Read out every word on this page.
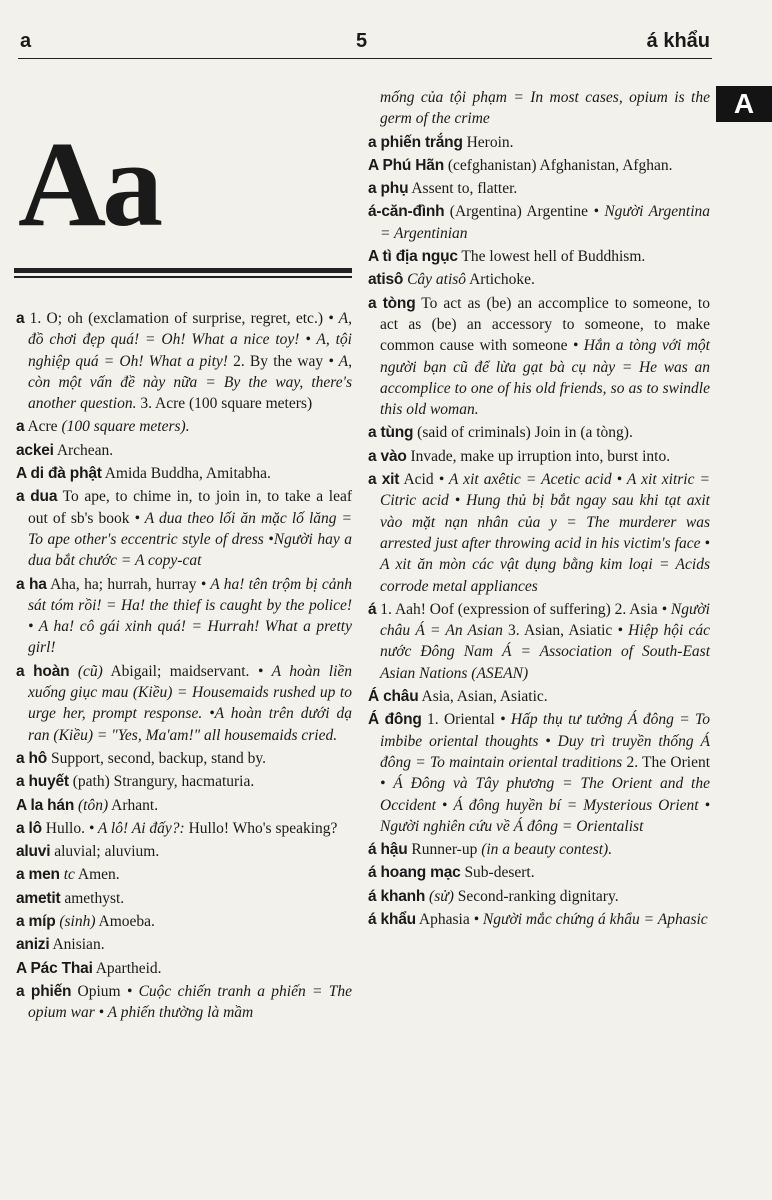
a	5	á khẩu
A
Aa

a 1. O; oh (exclamation of surprise, regret, etc.) • A, đồ chơi đẹp quá! = Oh! What a nice toy! • A, tội nghiệp quá = Oh! What a pity! 2. By the way • A, còn một vấn đề này nữa = By the way, there's another question. 3. Acre (100 square meters)

a Acre (100 square meters).

ackei Archean.

A di đà phật Amida Buddha, Amitabha.

a dua To ape, to chime in, to join in, to take a leaf out of sb's book • A dua theo lối ăn mặc lố lăng = To ape other's eccentric style of dress •Người hay a dua bắt chước = A copy-cat

a ha Aha, ha; hurrah, hurray • A ha! tên trộm bị cảnh sát tóm rồi! = Ha! the thief is caught by the police! • A ha! cô gái xinh quá! = Hurrah! What a pretty girl!

a hoàn (cũ) Abigail; maidservant. • A hoàn liền xuống giục mau (Kiều) = Housemaids rushed up to urge her, prompt response. •A hoàn trên dưới dạ ran (Kiều) = "Yes, Ma'am!" all housemaids cried.

a hô Support, second, backup, stand by.

a huyết (path) Strangury, hacmaturia.

A la hán (tôn) Arhant.

a lô Hullo. • A lô! Ai đấy?: Hullo! Who's speaking?

aluvi aluvial; aluvium.

a men tc Amen.

ametit amethyst.

a míp (sinh) Amoeba.

anizi Anisian.

A Pác Thai Apartheid.

a phiến Opium • Cuộc chiến tranh a phiến = The opium war • A phiến thường là mầm

mống của tội phạm = In most cases, opium is the germ of the crime

a phiến trắng Heroin.

A Phú Hãn (cefghanistan) Afghanistan, Afghan.

a phụ Assent to, flatter.

á-căn-đình (Argentina) Argentine • Người Argentina = Argentinian

A tì địa ngục The lowest hell of Buddhism.

atisô Cây atisô Artichoke.

a tòng To act as (be) an accomplice to someone, to act as (be) an accessory to someone, to make common cause with someone • Hắn a tòng với một người bạn cũ để lừa gạt bà cụ này = He was an accomplice to one of his old friends, so as to swindle this old woman.

a tùng (said of criminals) Join in (a tòng).

a vào Invade, make up irruption into, burst into.

a xit Acid • A xit axêtic = Acetic acid • A xit xitric = Citric acid • Hung thủ bị bắt ngay sau khi tạt axit vào mặt nạn nhân của y = The murderer was arrested just after throwing acid in his victim's face • A xit ăn mòn các vật dụng bằng kim loại = Acids corrode metal appliances

á 1. Aah! Oof (expression of suffering) 2. Asia • Người châu Á = An Asian 3. Asian, Asiatic • Hiệp hội các nước Đông Nam Á = Association of South-East Asian Nations (ASEAN)

Á châu Asia, Asian, Asiatic.

Á đông 1. Oriental • Hấp thụ tư tưởng Á đông = To imbibe oriental thoughts • Duy trì truyền thống Á đông = To maintain oriental traditions 2. The Orient • Á Đông và Tây phương = The Orient and the Occident • Á đông huyền bí = Mysterious Orient • Người nghiên cứu về Á đông = Orientalist

á hậu Runner-up (in a beauty contest).

á hoang mạc Sub-desert.

á khanh (sử) Second-ranking dignitary.

á khẩu Aphasia • Người mắc chứng á khẩu = Aphasic
